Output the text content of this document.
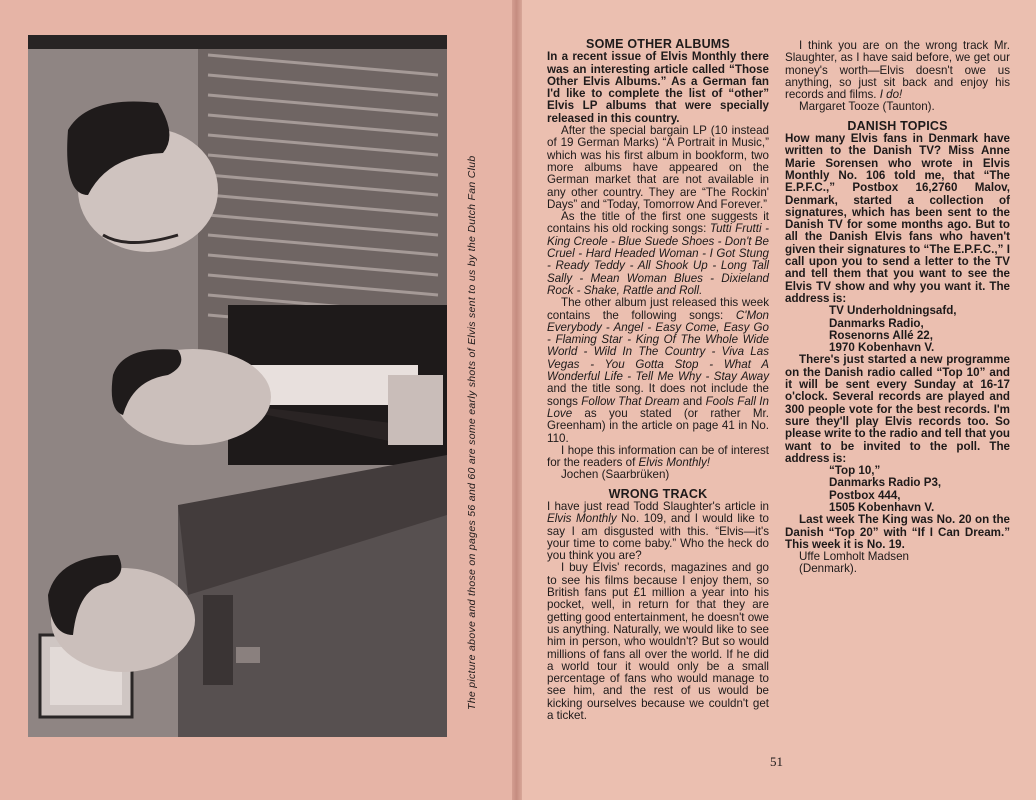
The picture above and those on pages 56 and 60 are some early shots of Elvis sent to us by the Dutch Fan Club
SOME OTHER ALBUMS

In a recent issue of Elvis Monthly there was an interesting article called “Those Other Elvis Albums.” As a German fan I'd like to complete the list of “other” Elvis LP albums that were specially released in this country.

After the special bargain LP (10 instead of 19 German Marks) “A Portrait in Music,” which was his first album in bookform, two more albums have appeared on the German market that are not available in any other country. They are “The Rockin' Days” and “Today, Tomorrow And Forever.”

As the title of the first one suggests it contains his old rocking songs: Tutti Frutti - King Creole - Blue Suede Shoes - Don't Be Cruel - Hard Headed Woman - I Got Stung - Ready Teddy - All Shook Up - Long Tall Sally - Mean Woman Blues - Dixieland Rock - Shake, Rattle and Roll.

The other album just released this week contains the following songs: C'Mon Everybody - Angel - Easy Come, Easy Go - Flaming Star - King Of The Whole Wide World - Wild In The Country - Viva Las Vegas - You Gotta Stop - What A Wonderful Life - Tell Me Why - Stay Away and the title song. It does not include the songs Follow That Dream and Fools Fall In Love as you stated (or rather Mr. Greenham) in the article on page 41 in No. 110.

I hope this information can be of interest for the readers of Elvis Monthly!

Jochen (Saarbrüken)

WRONG TRACK

I have just read Todd Slaughter's article in Elvis Monthly No. 109, and I would like to say I am disgusted with this. “Elvis—it's your time to come baby.” Who the heck do you think you are?

I buy Elvis' records, magazines and go to see his films because I enjoy them, so British fans put £1 million a year into his pocket, well, in return for that they are getting good entertainment, he doesn't owe us anything. Naturally, we would like to see him in person, who wouldn't? But so would millions of fans all over the world. If he did a world tour it would only be a small percentage of fans who would manage to see him, and the rest of us would be kicking ourselves because we couldn't get a ticket.

I think you are on the wrong track Mr. Slaughter, as I have said before, we get our money's worth—Elvis doesn't owe us anything, so just sit back and enjoy his records and films. I do!

Margaret Tooze (Taunton).

DANISH TOPICS

How many Elvis fans in Denmark have written to the Danish TV? Miss Anne Marie Sorensen who wrote in Elvis Monthly No. 106 told me, that “The E.P.F.C.,” Postbox 16,2760 Malov, Denmark, started a collection of signatures, which has been sent to the Danish TV for some months ago. But to all the Danish Elvis fans who haven't given their signatures to “The E.P.F.C.,” I call upon you to send a letter to the TV and tell them that you want to see the Elvis TV show and why you want it. The address is:

TV Underholdningsafd,

Danmarks Radio,

Rosenorns Allé 22,

1970 Kobenhavn V.

There's just started a new programme on the Danish radio called “Top 10” and it will be sent every Sunday at 16-17 o'clock. Several records are played and 300 people vote for the best records. I'm sure they'll play Elvis records too. So please write to the radio and tell that you want to be invited to the poll. The address is:

“Top 10,”

Danmarks Radio P3,

Postbox 444,

1505 Kobenhavn V.

Last week The King was No. 20 on the Danish “Top 20” with “If I Can Dream.” This week it is No. 19.

Uffe Lomholt Madsen

(Denmark).

51
